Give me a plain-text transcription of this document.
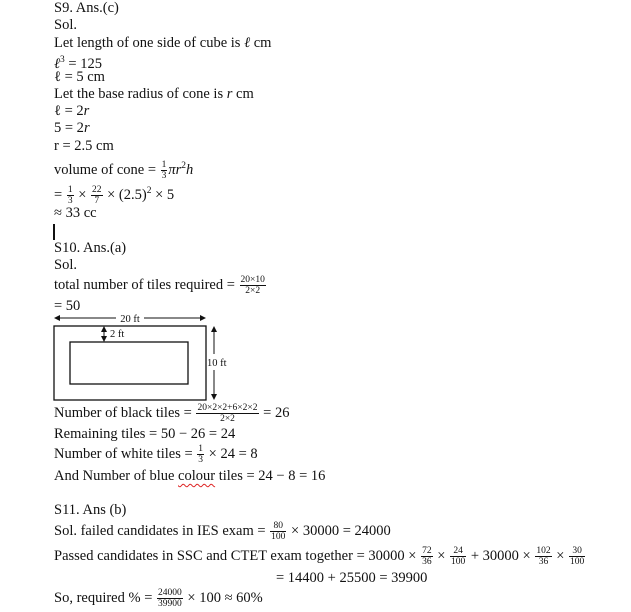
S9. Ans.(c)
Sol.
Let length of one side of cube is ℓ cm
ℓ$^3$ = 125
ℓ = 5 cm
Let the base radius of cone is r cm
ℓ = 2r
5 = 2r
r = 2.5 cm
volume of cone = $\frac{1}{3} \pi r^2h$
= $\frac{1}{3} \times \frac{22}{7} \times (2.5)^2 \times 5$
≈ 33 cc
S10. Ans.(a)
Sol.
total number of tiles required = $\frac{20\times 10}{2\times 2}$
= 50
20 ft
2 ft
10 ft
Number of black tiles = $\frac{20\times 2\times 2+6\times 2\times 2}{2\times 2} = 26$
Remaining tiles = 50 − 26 = 24
Number of white tiles = $\frac{1}{3} \times 24 = 8$
And Number of blue colour tiles = 24 − 8 = 16
S11. Ans (b)
Sol. failed candidates in IES exam = $\frac{80}{100} \times 30000 = 24000$
Passed candidates in SSC and CTET exam together = $30000 \times \frac{72}{36} \times \frac{24}{100} + 30000 \times \frac{102}{36} \times \frac{30}{100}$
= 14400 + 25500 = 39900
So, required % = $\frac{24000}{39900} \times 100 \approx 60\%$
